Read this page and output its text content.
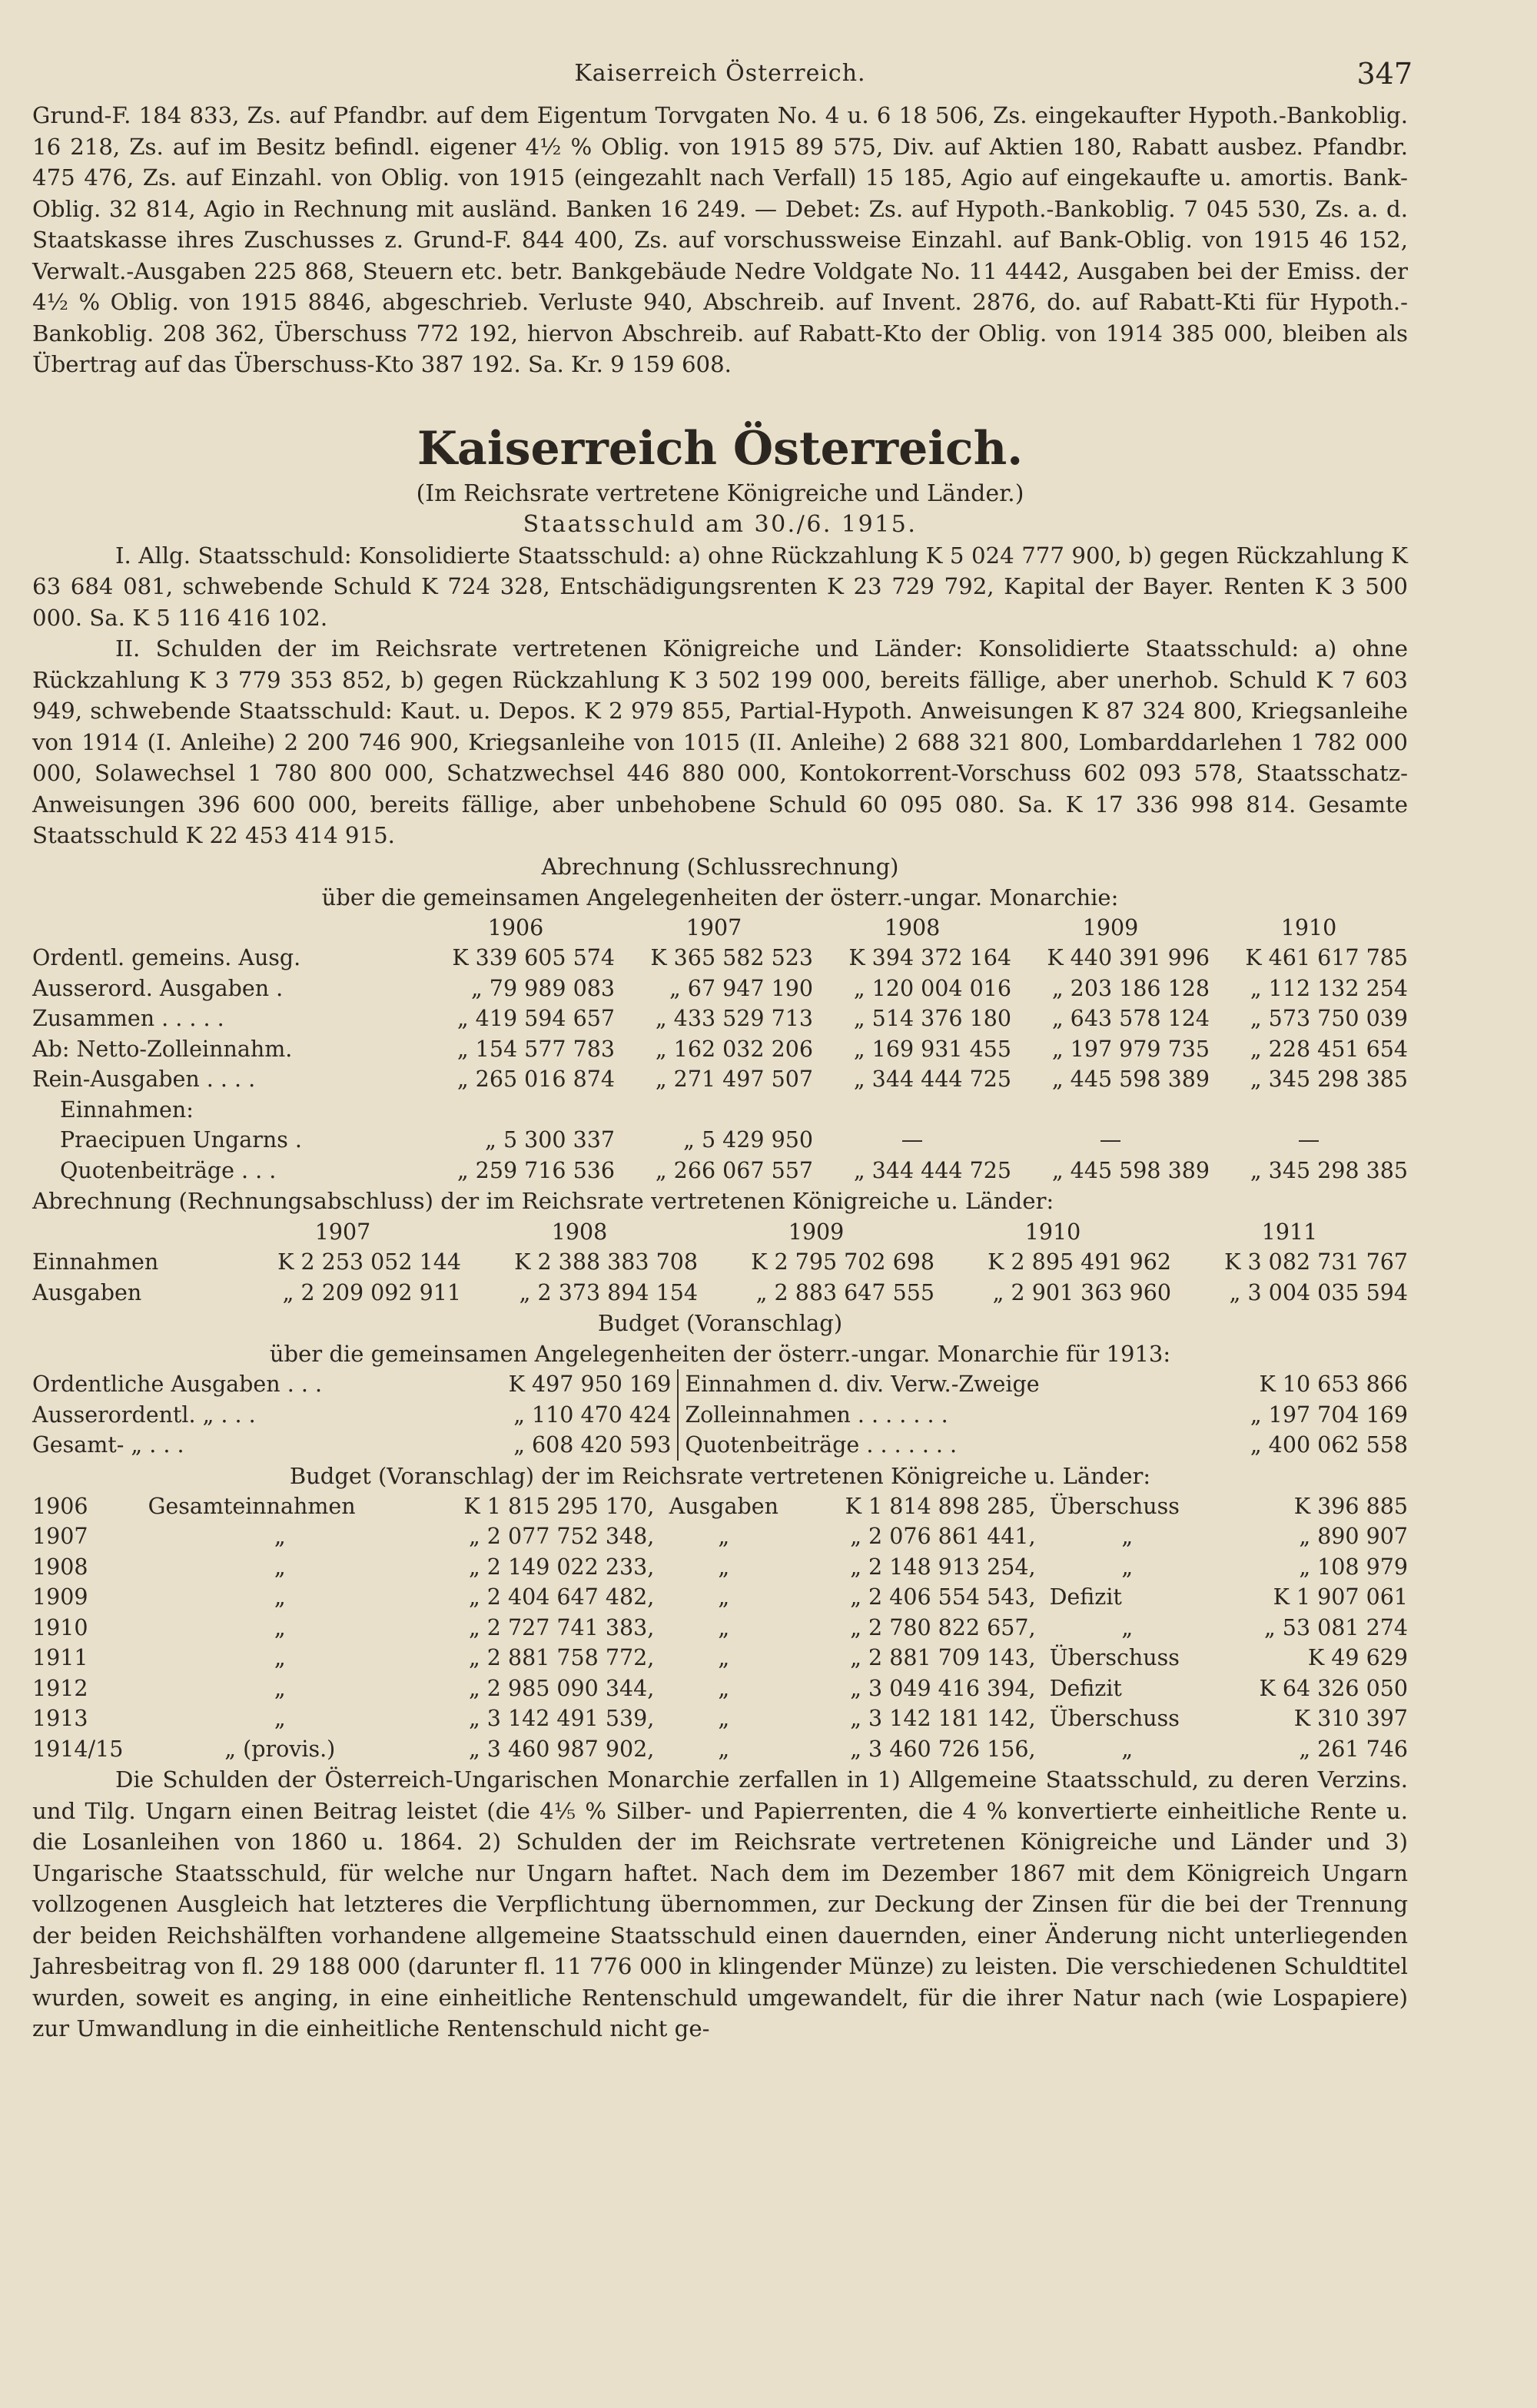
Kaiserreich Österreich.	347

Grund-F. 184 833, Zs. auf Pfandbr. auf dem Eigentum Torvgaten No. 4 u. 6 18 506, Zs. eingekaufter Hypoth.-Bankoblig. 16 218, Zs. auf im Besitz befindl. eigener 4½ % Oblig. von 1915 89 575, Div. auf Aktien 180, Rabatt ausbez. Pfandbr. 475 476, Zs. auf Einzahl. von Oblig. von 1915 (eingezahlt nach Verfall) 15 185, Agio auf eingekaufte u. amortis. Bank-Oblig. 32 814, Agio in Rechnung mit ausländ. Banken 16 249. — Debet: Zs. auf Hypoth.-Bankoblig. 7 045 530, Zs. a. d. Staatskasse ihres Zuschusses z. Grund-F. 844 400, Zs. auf vorschussweise Einzahl. auf Bank-Oblig. von 1915 46 152, Verwalt.-Ausgaben 225 868, Steuern etc. betr. Bankgebäude Nedre Voldgate No. 11 4442, Ausgaben bei der Emiss. der 4½ % Oblig. von 1915 8846, abgeschrieb. Verluste 940, Abschreib. auf Invent. 2876, do. auf Rabatt-Kti für Hypoth.-Bankoblig. 208 362, Überschuss 772 192, hiervon Abschreib. auf Rabatt-Kto der Oblig. von 1914 385 000, bleiben als Übertrag auf das Überschuss-Kto 387 192. Sa. Kr. 9 159 608.

Kaiserreich Österreich.
(Im Reichsrate vertretene Königreiche und Länder.)
Staatsschuld am 30./6. 1915.

I. Allg. Staatsschuld: Konsolidierte Staatsschuld: a) ohne Rückzahlung K 5 024 777 900, b) gegen Rückzahlung K 63 684 081, schwebende Schuld K 724 328, Entschädigungsrenten K 23 729 792, Kapital der Bayer. Renten K 3 500 000. Sa. K 5 116 416 102.

II. Schulden der im Reichsrate vertretenen Königreiche und Länder: Konsolidierte Staatsschuld: a) ohne Rückzahlung K 3 779 353 852, b) gegen Rückzahlung K 3 502 199 000, bereits fällige, aber unerhob. Schuld K 7 603 949, schwebende Staatsschuld: Kaut. u. Depos. K 2 979 855, Partial-Hypoth. Anweisungen K 87 324 800, Kriegsanleihe von 1914 (I. Anleihe) 2 200 746 900, Kriegsanleihe von 1015 (II. Anleihe) 2 688 321 800, Lombarddarlehen 1 782 000 000, Solawechsel 1 780 800 000, Schatzwechsel 446 880 000, Kontokorrent-Vorschuss 602 093 578, Staatsschatz-Anweisungen 396 600 000, bereits fällige, aber unbehobene Schuld 60 095 080. Sa. K 17 336 998 814. Gesamte Staatsschuld K 22 453 414 915.

Abrechnung (Schlussrechnung)
über die gemeinsamen Angelegenheiten der österr.-ungar. Monarchie:
	1906	1907	1908	1909	1910
Ordentl. gemeins. Ausg.	K 339 605 574	K 365 582 523	K 394 372 164	K 440 391 996	K 461 617 785
Ausserord. Ausgaben .	„ 79 989 083	„ 67 947 190	„ 120 004 016	„ 203 186 128	„ 112 132 254
Zusammen . . . . .	„ 419 594 657	„ 433 529 713	„ 514 376 180	„ 643 578 124	„ 573 750 039
Ab: Netto-Zolleinnahm.	„ 154 577 783	„ 162 032 206	„ 169 931 455	„ 197 979 735	„ 228 451 654
Rein-Ausgaben . . . .	„ 265 016 874	„ 271 497 507	„ 344 444 725	„ 445 598 389	„ 345 298 385
Einnahmen:					
Praecipuen Ungarns .	„ 5 300 337	„ 5 429 950	—	—	—
Quotenbeiträge . . .	„ 259 716 536	„ 266 067 557	„ 344 444 725	„ 445 598 389	„ 345 298 385
Abrechnung (Rechnungsabschluss) der im Reichsrate vertretenen Königreiche u. Länder:
	1907	1908	1909	1910	1911
Einnahmen	K 2 253 052 144	K 2 388 383 708	K 2 795 702 698	K 2 895 491 962	K 3 082 731 767
Ausgaben	„ 2 209 092 911	„ 2 373 894 154	„ 2 883 647 555	„ 2 901 363 960	„ 3 004 035 594
Budget (Voranschlag)
über die gemeinsamen Angelegenheiten der österr.-ungar. Monarchie für 1913:
Ordentliche Ausgaben . . .	K 497 950 169	Einnahmen d. div. Verw.-Zweige	K 10 653 866
Ausserordentl. „ . . .	„ 110 470 424	Zolleinnahmen . . . . . . .	„ 197 704 169
Gesamt- „ . . .	„ 608 420 593	Quotenbeiträge . . . . . . .	„ 400 062 558
Budget (Voranschlag) der im Reichsrate vertretenen Königreiche u. Länder:
1906	Gesamteinnahmen	K 1 815 295 170,	Ausgaben	K 1 814 898 285,	Überschuss	K 396 885
1907	„	„ 2 077 752 348,	„	„ 2 076 861 441,	„	„ 890 907
1908	„	„ 2 149 022 233,	„	„ 2 148 913 254,	„	„ 108 979
1909	„	„ 2 404 647 482,	„	„ 2 406 554 543,	Defizit	K 1 907 061
1910	„	„ 2 727 741 383,	„	„ 2 780 822 657,	„	„ 53 081 274
1911	„	„ 2 881 758 772,	„	„ 2 881 709 143,	Überschuss	K 49 629
1912	„	„ 2 985 090 344,	„	„ 3 049 416 394,	Defizit	K 64 326 050
1913	„	„ 3 142 491 539,	„	„ 3 142 181 142,	Überschuss	K 310 397
1914/15	„ (provis.)	„ 3 460 987 902,	„	„ 3 460 726 156,	„	„ 261 746

Die Schulden der Österreich-Ungarischen Monarchie zerfallen in 1) Allgemeine Staatsschuld, zu deren Verzins. und Tilg. Ungarn einen Beitrag leistet (die 4⅕ % Silber- und Papierrenten, die 4 % konvertierte einheitliche Rente u. die Losanleihen von 1860 u. 1864. 2) Schulden der im Reichsrate vertretenen Königreiche und Länder und 3) Ungarische Staatsschuld, für welche nur Ungarn haftet. Nach dem im Dezember 1867 mit dem Königreich Ungarn vollzogenen Ausgleich hat letzteres die Verpflichtung übernommen, zur Deckung der Zinsen für die bei der Trennung der beiden Reichshälften vorhandene allgemeine Staatsschuld einen dauernden, einer Änderung nicht unterliegenden Jahresbeitrag von fl. 29 188 000 (darunter fl. 11 776 000 in klingender Münze) zu leisten. Die verschiedenen Schuldtitel wurden, soweit es anging, in eine einheitliche Rentenschuld umgewandelt, für die ihrer Natur nach (wie Lospapiere) zur Umwandlung in die einheitliche Rentenschuld nicht ge-
